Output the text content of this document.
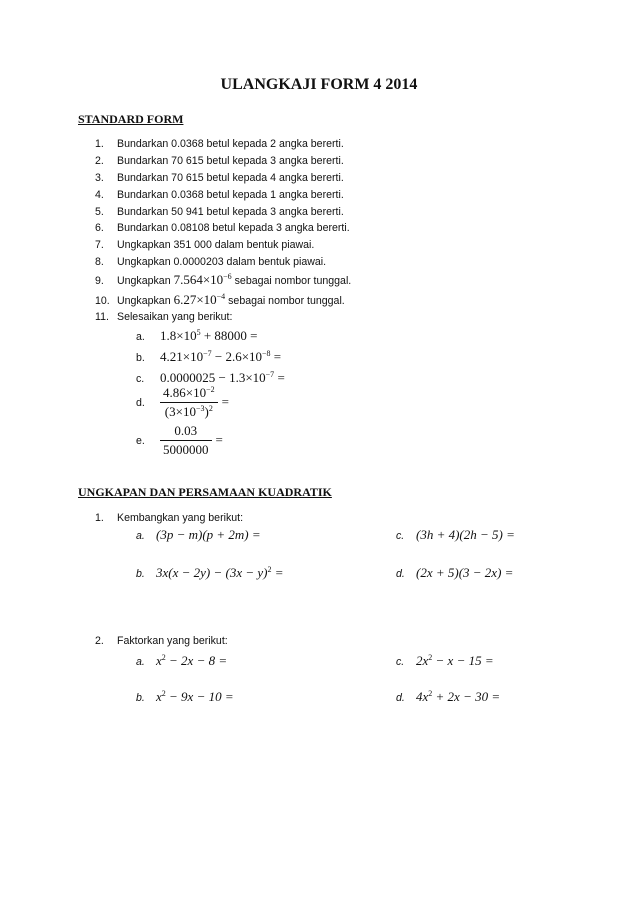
ULANGKAJI FORM 4 2014
STANDARD FORM
1. Bundarkan 0.0368 betul kepada 2 angka bererti.
2. Bundarkan 70 615 betul kepada 3 angka bererti.
3. Bundarkan 70 615 betul kepada 4 angka bererti.
4. Bundarkan 0.0368 betul kepada 1 angka bererti.
5. Bundarkan 50 941 betul kepada 3 angka bererti.
6. Bundarkan 0.08108 betul kepada 3 angka bererti.
7. Ungkapkan 351 000 dalam bentuk piawai.
8. Ungkapkan 0.0000203 dalam bentuk piawai.
9. Ungkapkan $7.564\times 10^{-6}$ sebagai nombor tunggal.
10. Ungkapkan $6.27\times 10^{-4}$ sebagai nombor tunggal.
11. Selesaikan yang berikut:
a. $1.8\times 10^5 + 88000$ =
b. $4.21\times 10^{-7} - 2.6\times 10^{-8}$ =
c. $0.0000025 - 1.3\times 10^{-7}$ =
d. $\frac{4.86\times 10^{-2}}{(3\times 10^{-3})^2}$ =
e. $\frac{0.03}{5000000}$ =
UNGKAPAN DAN PERSAMAAN KUADRATIK
1. Kembangkan yang berikut:
a. (3p − m)(p + 2m) =	c. (3h + 4)(2h − 5) =
b. $3x(x - 2y) - (3x - y)^2$ =	d. (2x + 5)(3 − 2x) =
2. Faktorkan yang berikut:
a. $x^2 - 2x - 8$ =	c. $2x^2 - x - 15$ =
b. $x^2 - 9x - 10$ =	d. $4x^2 + 2x - 30$ =
